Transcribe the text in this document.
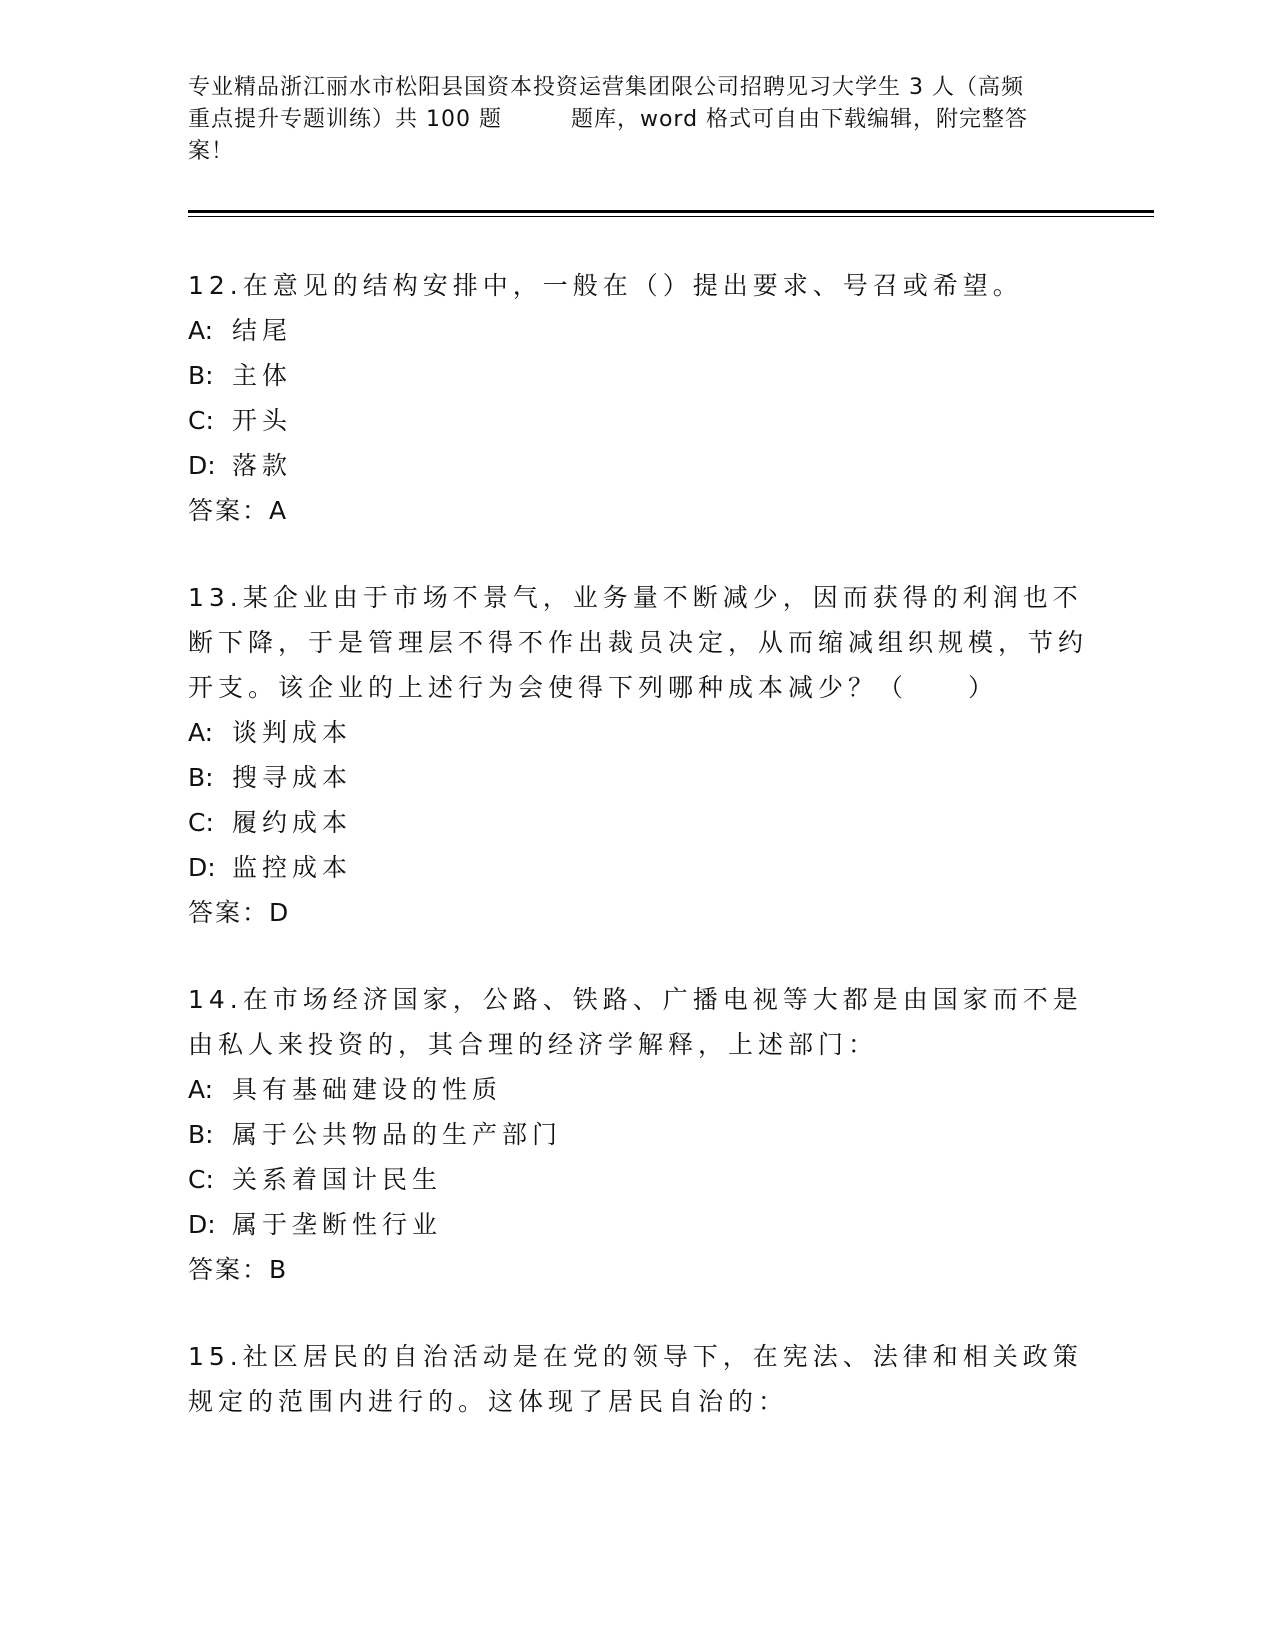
专业精品浙江丽水市松阳县国资本投资运营集团限公司招聘见习大学生 3 人（高频
重点提升专题训练）共 100 题　　　题库，word 格式可自由下载编辑，附完整答
案！
12.在意见的结构安排中，一般在（）提出要求、号召或希望。
A: 结尾
B: 主体
C: 开头
D: 落款
答案：A
13.某企业由于市场不景气，业务量不断减少，因而获得的利润也不断下降，于是管理层不得不作出裁员决定，从而缩减组织规模，节约开支。该企业的上述行为会使得下列哪种成本减少？（　　）
A: 谈判成本
B: 搜寻成本
C: 履约成本
D: 监控成本
答案：D
14.在市场经济国家，公路、铁路、广播电视等大都是由国家而不是由私人来投资的，其合理的经济学解释，上述部门：
A: 具有基础建设的性质
B: 属于公共物品的生产部门
C: 关系着国计民生
D: 属于垄断性行业
答案：B
15.社区居民的自治活动是在党的领导下，在宪法、法律和相关政策规定的范围内进行的。这体现了居民自治的：
